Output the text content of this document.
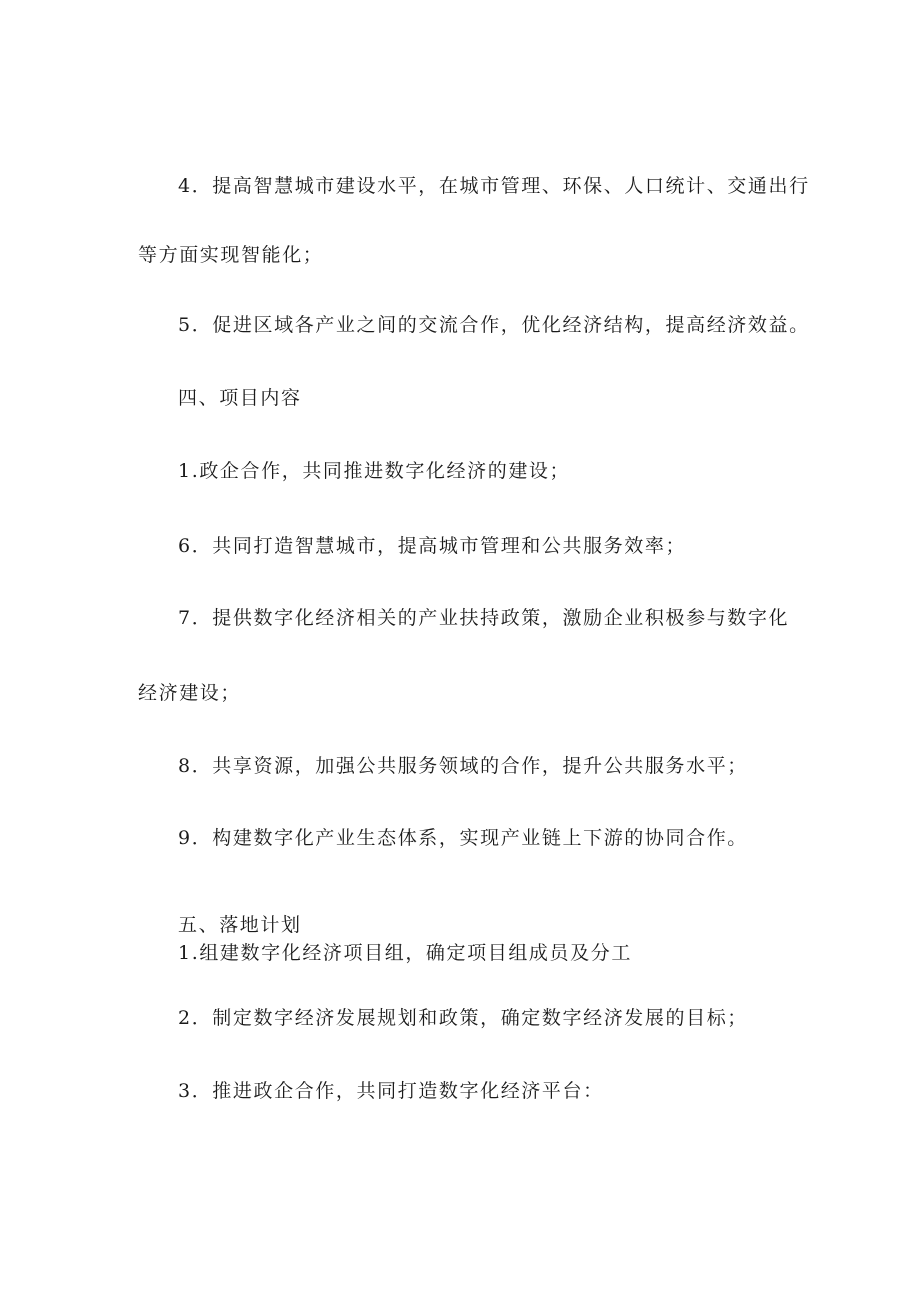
4．提高智慧城市建设水平，在城市管理、环保、人口统计、交通出行
等方面实现智能化；
5．促进区域各产业之间的交流合作，优化经济结构，提高经济效益。
四、项目内容
1.政企合作，共同推进数字化经济的建设；
6．共同打造智慧城市，提高城市管理和公共服务效率；
7．提供数字化经济相关的产业扶持政策，激励企业积极参与数字化
经济建设；
8．共享资源，加强公共服务领域的合作，提升公共服务水平；
9．构建数字化产业生态体系，实现产业链上下游的协同合作。
五、落地计划
1.组建数字化经济项目组，确定项目组成员及分工
2．制定数字经济发展规划和政策，确定数字经济发展的目标；
3．推进政企合作，共同打造数字化经济平台：
